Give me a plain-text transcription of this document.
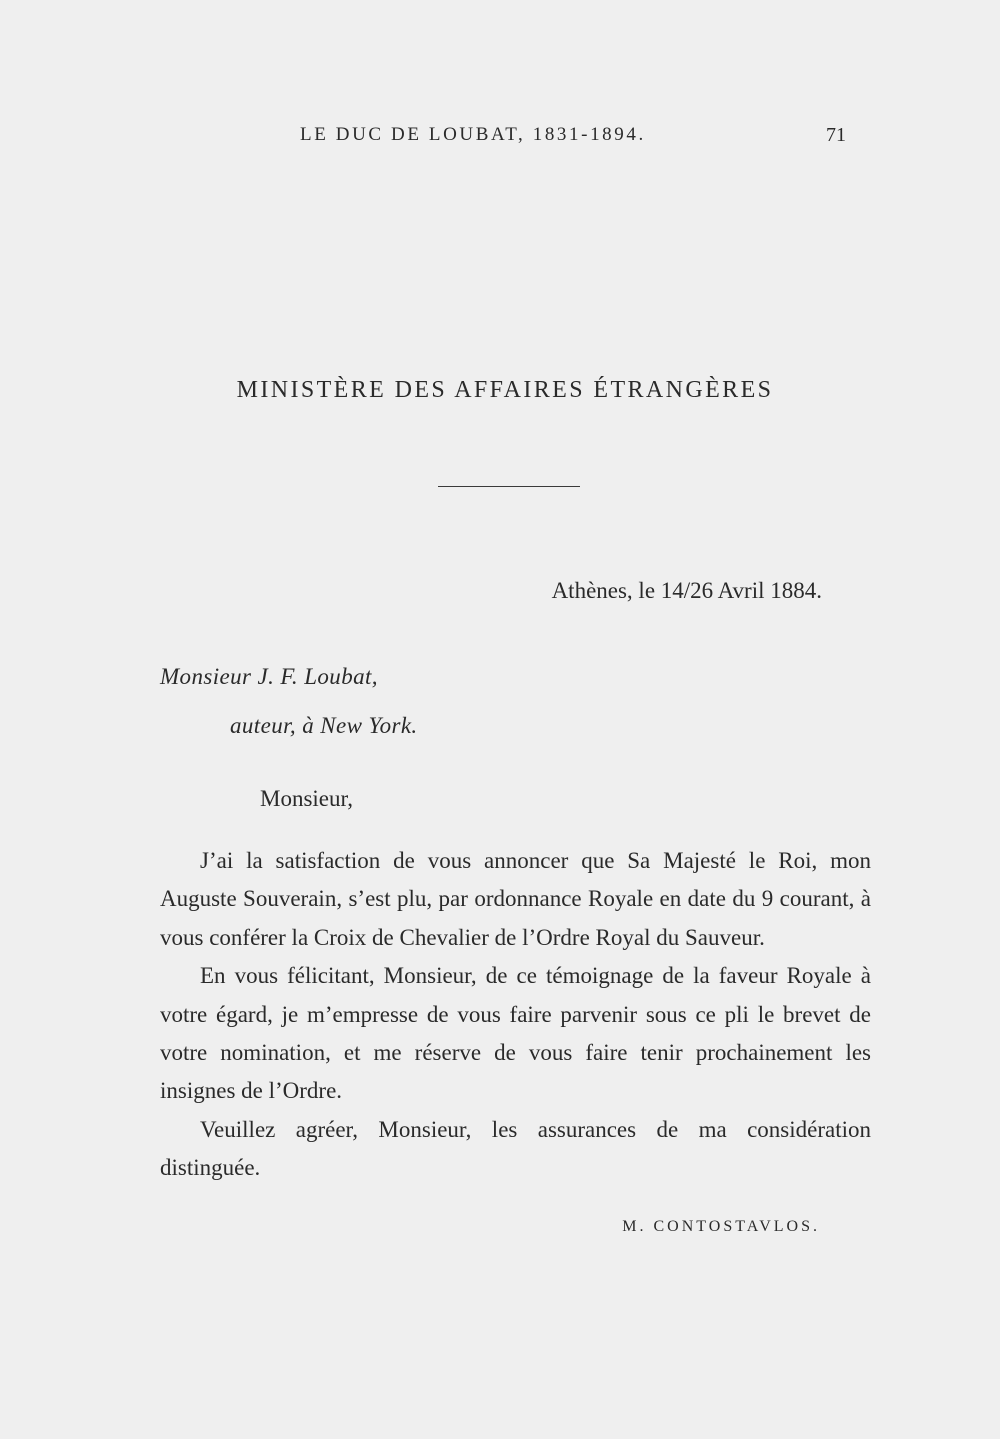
LE DUC DE LOUBAT, 1831-1894.	71
MINISTÈRE DES AFFAIRES ÉTRANGÈRES
Athènes, le 14/26 Avril 1884.
Monsieur J. F. Loubat,
auteur, à New York.
Monsieur,

J’ai la satisfaction de vous annoncer que Sa Majesté le Roi, mon Auguste Souverain, s’est plu, par ordonnance Royale en date du 9 courant, à vous conférer la Croix de Chevalier de l’Ordre Royal du Sauveur.

En vous félicitant, Monsieur, de ce témoignage de la faveur Royale à votre égard, je m’empresse de vous faire parvenir sous ce pli le brevet de votre nomination, et me réserve de vous faire tenir prochainement les insignes de l’Ordre.

Veuillez agréer, Monsieur, les assurances de ma considération distinguée.

M. CONTOSTAVLOS.
